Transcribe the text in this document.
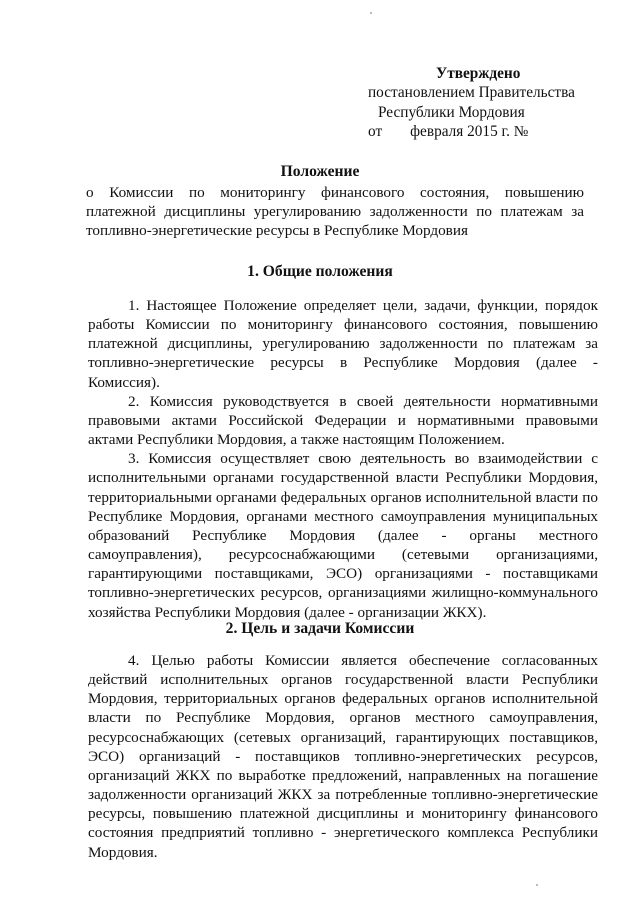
Утверждено
постановлением Правительства
Республики Мордовия
от февраля 2015 г. №
Положение
о Комиссии по мониторингу финансового состояния, повышению платежной дисциплины урегулированию задолженности по платежам за топливно-энергетические ресурсы в Республике Мордовия
1. Общие положения

1. Настоящее Положение определяет цели, задачи, функции, порядок работы Комиссии по мониторингу финансового состояния, повышению платежной дисциплины, урегулированию задолженности по платежам за топливно-энергетические ресурсы в Республике Мордовия (далее - Комиссия).

2. Комиссия руководствуется в своей деятельности нормативными правовыми актами Российской Федерации и нормативными правовыми актами Республики Мордовия, а также настоящим Положением.

3. Комиссия осуществляет свою деятельность во взаимодействии с исполнительными органами государственной власти Республики Мордовия, территориальными органами федеральных органов исполнительной власти по Республике Мордовия, органами местного самоуправления муниципальных образований Республике Мордовия (далее - органы местного самоуправления), ресурсоснабжающими (сетевыми организациями, гарантирующими поставщиками, ЭСО) организациями - поставщиками топливно-энергетических ресурсов, организациями жилищно-коммунального хозяйства Республики Мордовия (далее - организации ЖКХ).

2. Цель и задачи Комиссии

4. Целью работы Комиссии является обеспечение согласованных действий исполнительных органов государственной власти Республики Мордовия, территориальных органов федеральных органов исполнительной власти по Республике Мордовия, органов местного самоуправления, ресурсоснабжающих (сетевых организаций, гарантирующих поставщиков, ЭСО) организаций - поставщиков топливно-энергетических ресурсов, организаций ЖКХ по выработке предложений, направленных на погашение задолженности организаций ЖКХ за потребленные топливно-энергетические ресурсы, повышению платежной дисциплины и мониторингу финансового состояния предприятий топливно - энергетического комплекса Республики Мордовия.
